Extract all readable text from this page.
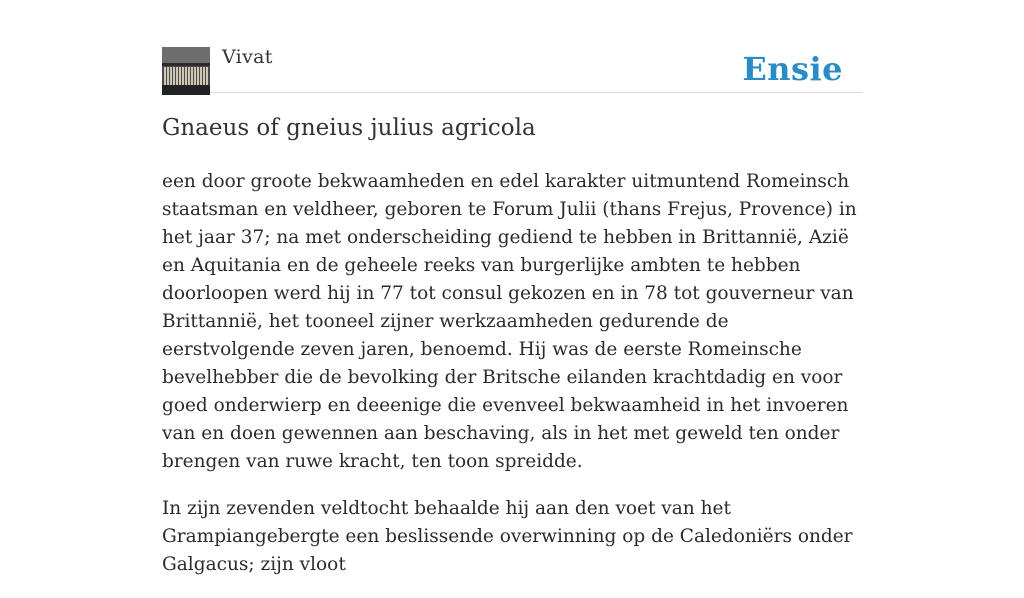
Vivat	Ensie
Gnaeus of gneius julius agricola

een door groote bekwaamheden en edel karakter uitmuntend Romeinsch staatsman en veldheer, geboren te Forum Julii (thans Frejus, Provence) in het jaar 37; na met onderscheiding gediend te hebben in Brittannië, Azië en Aquitania en de geheele reeks van burgerlijke ambten te hebben doorloopen werd hij in 77 tot consul gekozen en in 78 tot gouverneur van Brittannië, het tooneel zijner werkzaamheden gedurende de eerstvolgende zeven jaren, benoemd. Hij was de eerste Romeinsche bevelhebber die de bevolking der Britsche eilanden krachtdadig en voor goed onderwierp en deeenige die evenveel bekwaamheid in het invoeren van en doen gewennen aan beschaving, als in het met geweld ten onder brengen van ruwe kracht, ten toon spreidde.

In zijn zevenden veldtocht behaalde hij aan den voet van het Grampiangebergte een beslissende overwinning op de Caledoniërs onder Galgacus; zijn vloot
